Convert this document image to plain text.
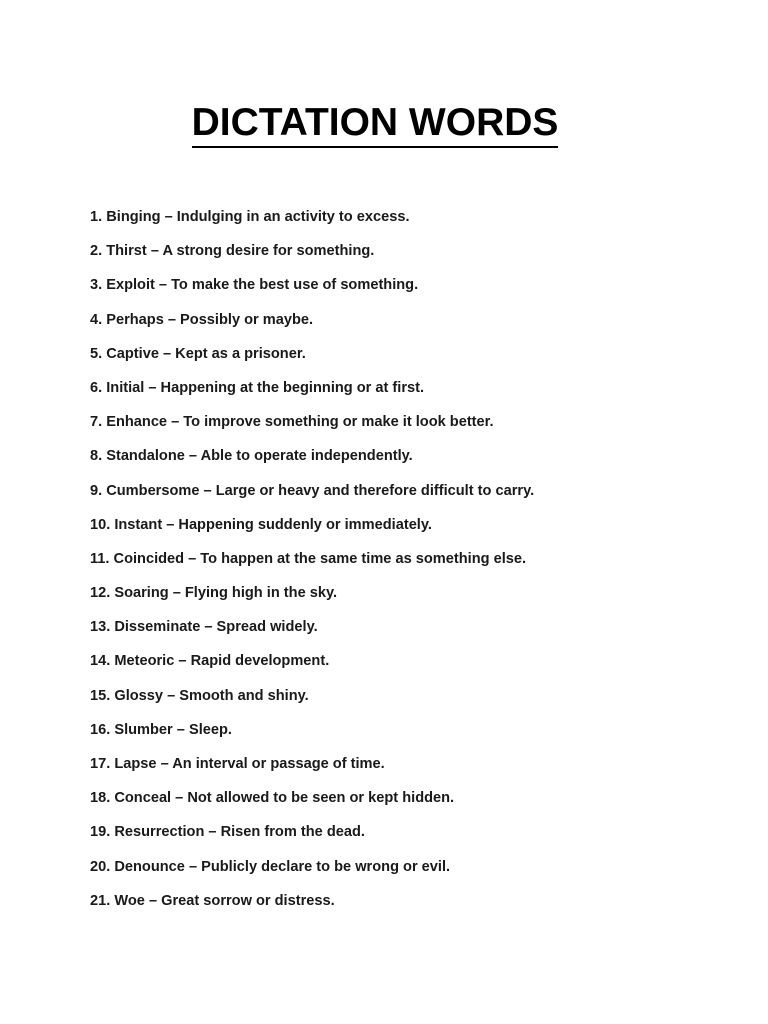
DICTATION WORDS
1. Binging – Indulging in an activity to excess.
2. Thirst – A strong desire for something.
3. Exploit – To make the best use of something.
4. Perhaps – Possibly or maybe.
5. Captive – Kept as a prisoner.
6. Initial – Happening at the beginning or at first.
7. Enhance – To improve something or make it look better.
8. Standalone – Able to operate independently.
9. Cumbersome – Large or heavy and therefore difficult to carry.
10. Instant – Happening suddenly or immediately.
11. Coincided – To happen at the same time as something else.
12. Soaring – Flying high in the sky.
13. Disseminate – Spread widely.
14. Meteoric – Rapid development.
15. Glossy – Smooth and shiny.
16. Slumber – Sleep.
17. Lapse – An interval or passage of time.
18. Conceal – Not allowed to be seen or kept hidden.
19. Resurrection – Risen from the dead.
20. Denounce – Publicly declare to be wrong or evil.
21. Woe – Great sorrow or distress.
